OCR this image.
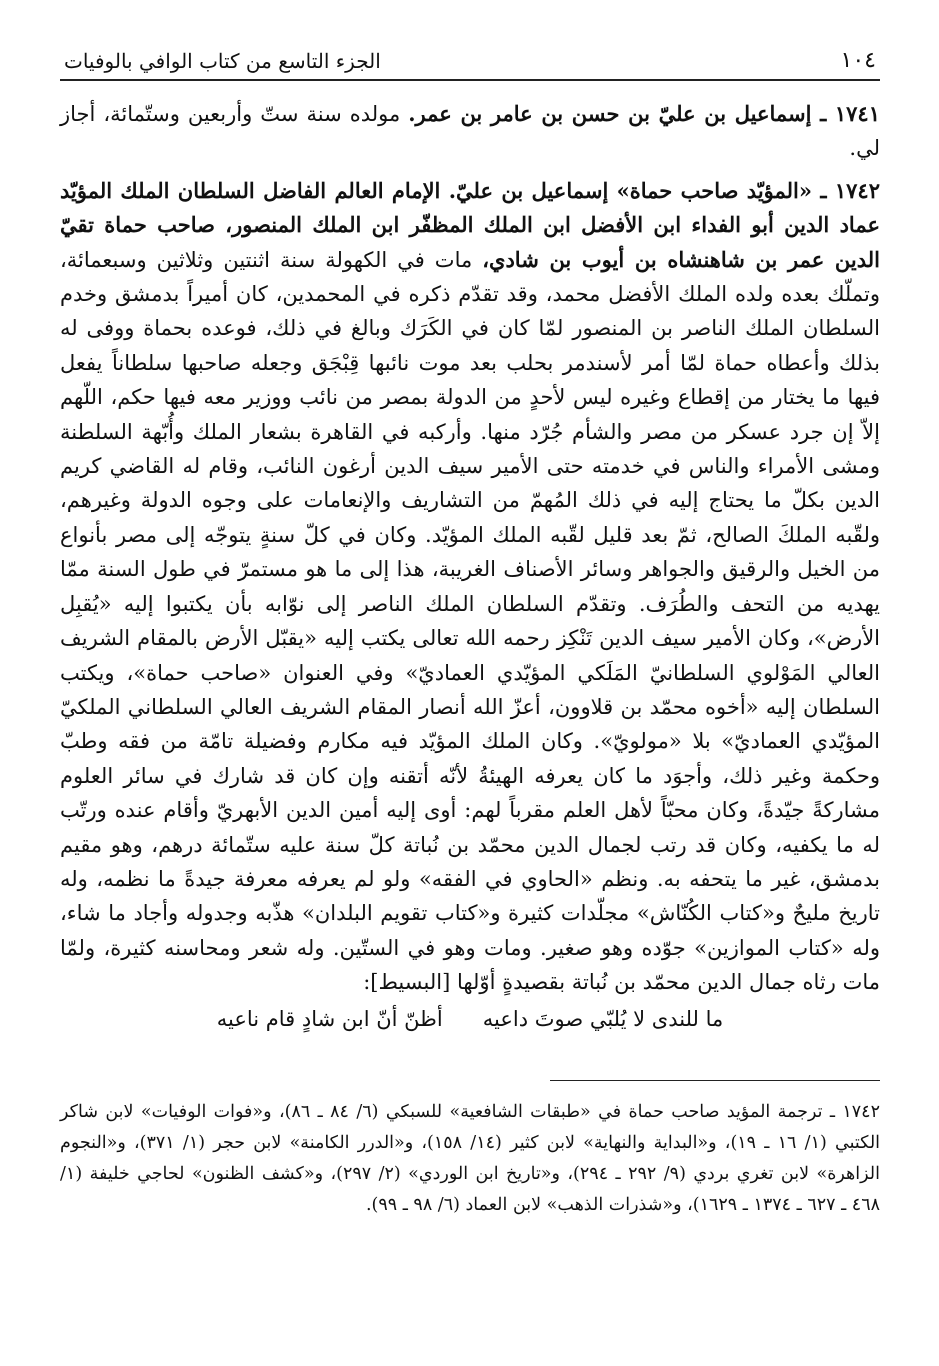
١٠٤
الجزء التاسع من كتاب الوافي بالوفيات

١٧٤١ ـ إسماعيل بن عليّ بن حسن بن عامر بن عمر. مولده سنة ستّ وأربعين وستّمائة، أجاز لي.

١٧٤٢ ـ «المؤيّد صاحب حماة» إسماعيل بن عليّ. الإمام العالم الفاضل السلطان الملك المؤيّد عماد الدين أبو الفداء ابن الأفضل ابن الملك المظفّر ابن الملك المنصور، صاحب حماة تقيّ الدين عمر بن شاهنشاه بن أيوب بن شادي، مات في الكهولة سنة اثنتين وثلاثين وسبعمائة، وتملّك بعده ولده الملك الأفضل محمد، وقد تقدّم ذكره في المحمدين، كان أميراً بدمشق وخدم السلطان الملك الناصر بن المنصور لمّا كان في الكَرَك وبالغ في ذلك، فوعده بحماة ووفى له بذلك وأعطاه حماة لمّا أمر لأسندمر بحلب بعد موت نائبها قِبْجَق وجعله صاحبها سلطاناً يفعل فيها ما يختار من إقطاع وغيره ليس لأحدٍ من الدولة بمصر من نائب ووزير معه فيها حكم، اللّهم إلاّ إن جرد عسكر من مصر والشأم جُرّد منها. وأركبه في القاهرة بشعار الملك وأُبّهة السلطنة ومشى الأمراء والناس في خدمته حتى الأمير سيف الدين أرغون النائب، وقام له القاضي كريم الدين بكلّ ما يحتاج إليه في ذلك المُهمّ من التشاريف والإنعامات على وجوه الدولة وغيرهم، ولقّبه الملكَ الصالح، ثمّ بعد قليل لقّبه الملك المؤيّد. وكان في كلّ سنةٍ يتوجّه إلى مصر بأنواع من الخيل والرقيق والجواهر وسائر الأصناف الغريبة، هذا إلى ما هو مستمرّ في طول السنة ممّا يهديه من التحف والطُرَف. وتقدّم السلطان الملك الناصر إلى نوّابه بأن يكتبوا إليه «يُقبِل الأرض»، وكان الأمير سيف الدين تَنْكِز رحمه الله تعالى يكتب إليه «يقبّل الأرض بالمقام الشريف العالي المَوْلوي السلطانيّ المَلَكي المؤيّدي العماديّ» وفي العنوان «صاحب حماة»، ويكتب السلطان إليه «أخوه محمّد بن قلاوون، أعزّ الله أنصار المقام الشريف العالي السلطاني الملكيّ المؤيّدي العماديّ» بلا «مولويّ». وكان الملك المؤيّد فيه مكارم وفضيلة تامّة من فقه وطبّ وحكمة وغير ذلك، وأجوَد ما كان يعرفه الهيئةُ لأنّه أتقنه وإن كان قد شارك في سائر العلوم مشاركةً جيّدةً، وكان محبّاً لأهل العلم مقرباً لهم: أوى إليه أمين الدين الأبهريّ وأقام عنده ورتّب له ما يكفيه، وكان قد رتب لجمال الدين محمّد بن نُباتة كلّ سنة عليه ستّمائة درهم، وهو مقيم بدمشق، غير ما يتحفه به. ونظم «الحاوي في الفقه» ولو لم يعرفه معرفة جيدةً ما نظمه، وله تاريخ مليحٌ و«كتاب الكُنّاش» مجلّدات كثيرة و«كتاب تقويم البلدان» هذّبه وجدوله وأجاد ما شاء، وله «كتاب الموازين» جوّده وهو صغير. ومات وهو في الستّين. وله شعر ومحاسنه كثيرة، ولمّا مات رثاه جمال الدين محمّد بن نُباتة بقصيدةٍ أوّلها [البسيط]:

ما للندى لا يُلبّي صوتَ داعيه
أظنّ أنّ ابن شادٍ قام ناعيه

١٧٤٢ ـ ترجمة المؤيد صاحب حماة في «طبقات الشافعية» للسبكي (٦/ ٨٤ ـ ٨٦)، و«فوات الوفيات» لابن شاكر الكتبي (١/ ١٦ ـ ١٩)، و«البداية والنهاية» لابن كثير (١٤/ ١٥٨)، و«الدرر الكامنة» لابن حجر (١/ ٣٧١)، و«النجوم الزاهرة» لابن تغري بردي (٩/ ٢٩٢ ـ ٢٩٤)، و«تاريخ ابن الوردي» (٢/ ٢٩٧)، و«كشف الظنون» لحاجي خليفة (١/ ٤٦٨ ـ ٦٢٧ ـ ١٣٧٤ ـ ١٦٢٩)، و«شذرات الذهب» لابن العماد (٦/ ٩٨ ـ ٩٩).
